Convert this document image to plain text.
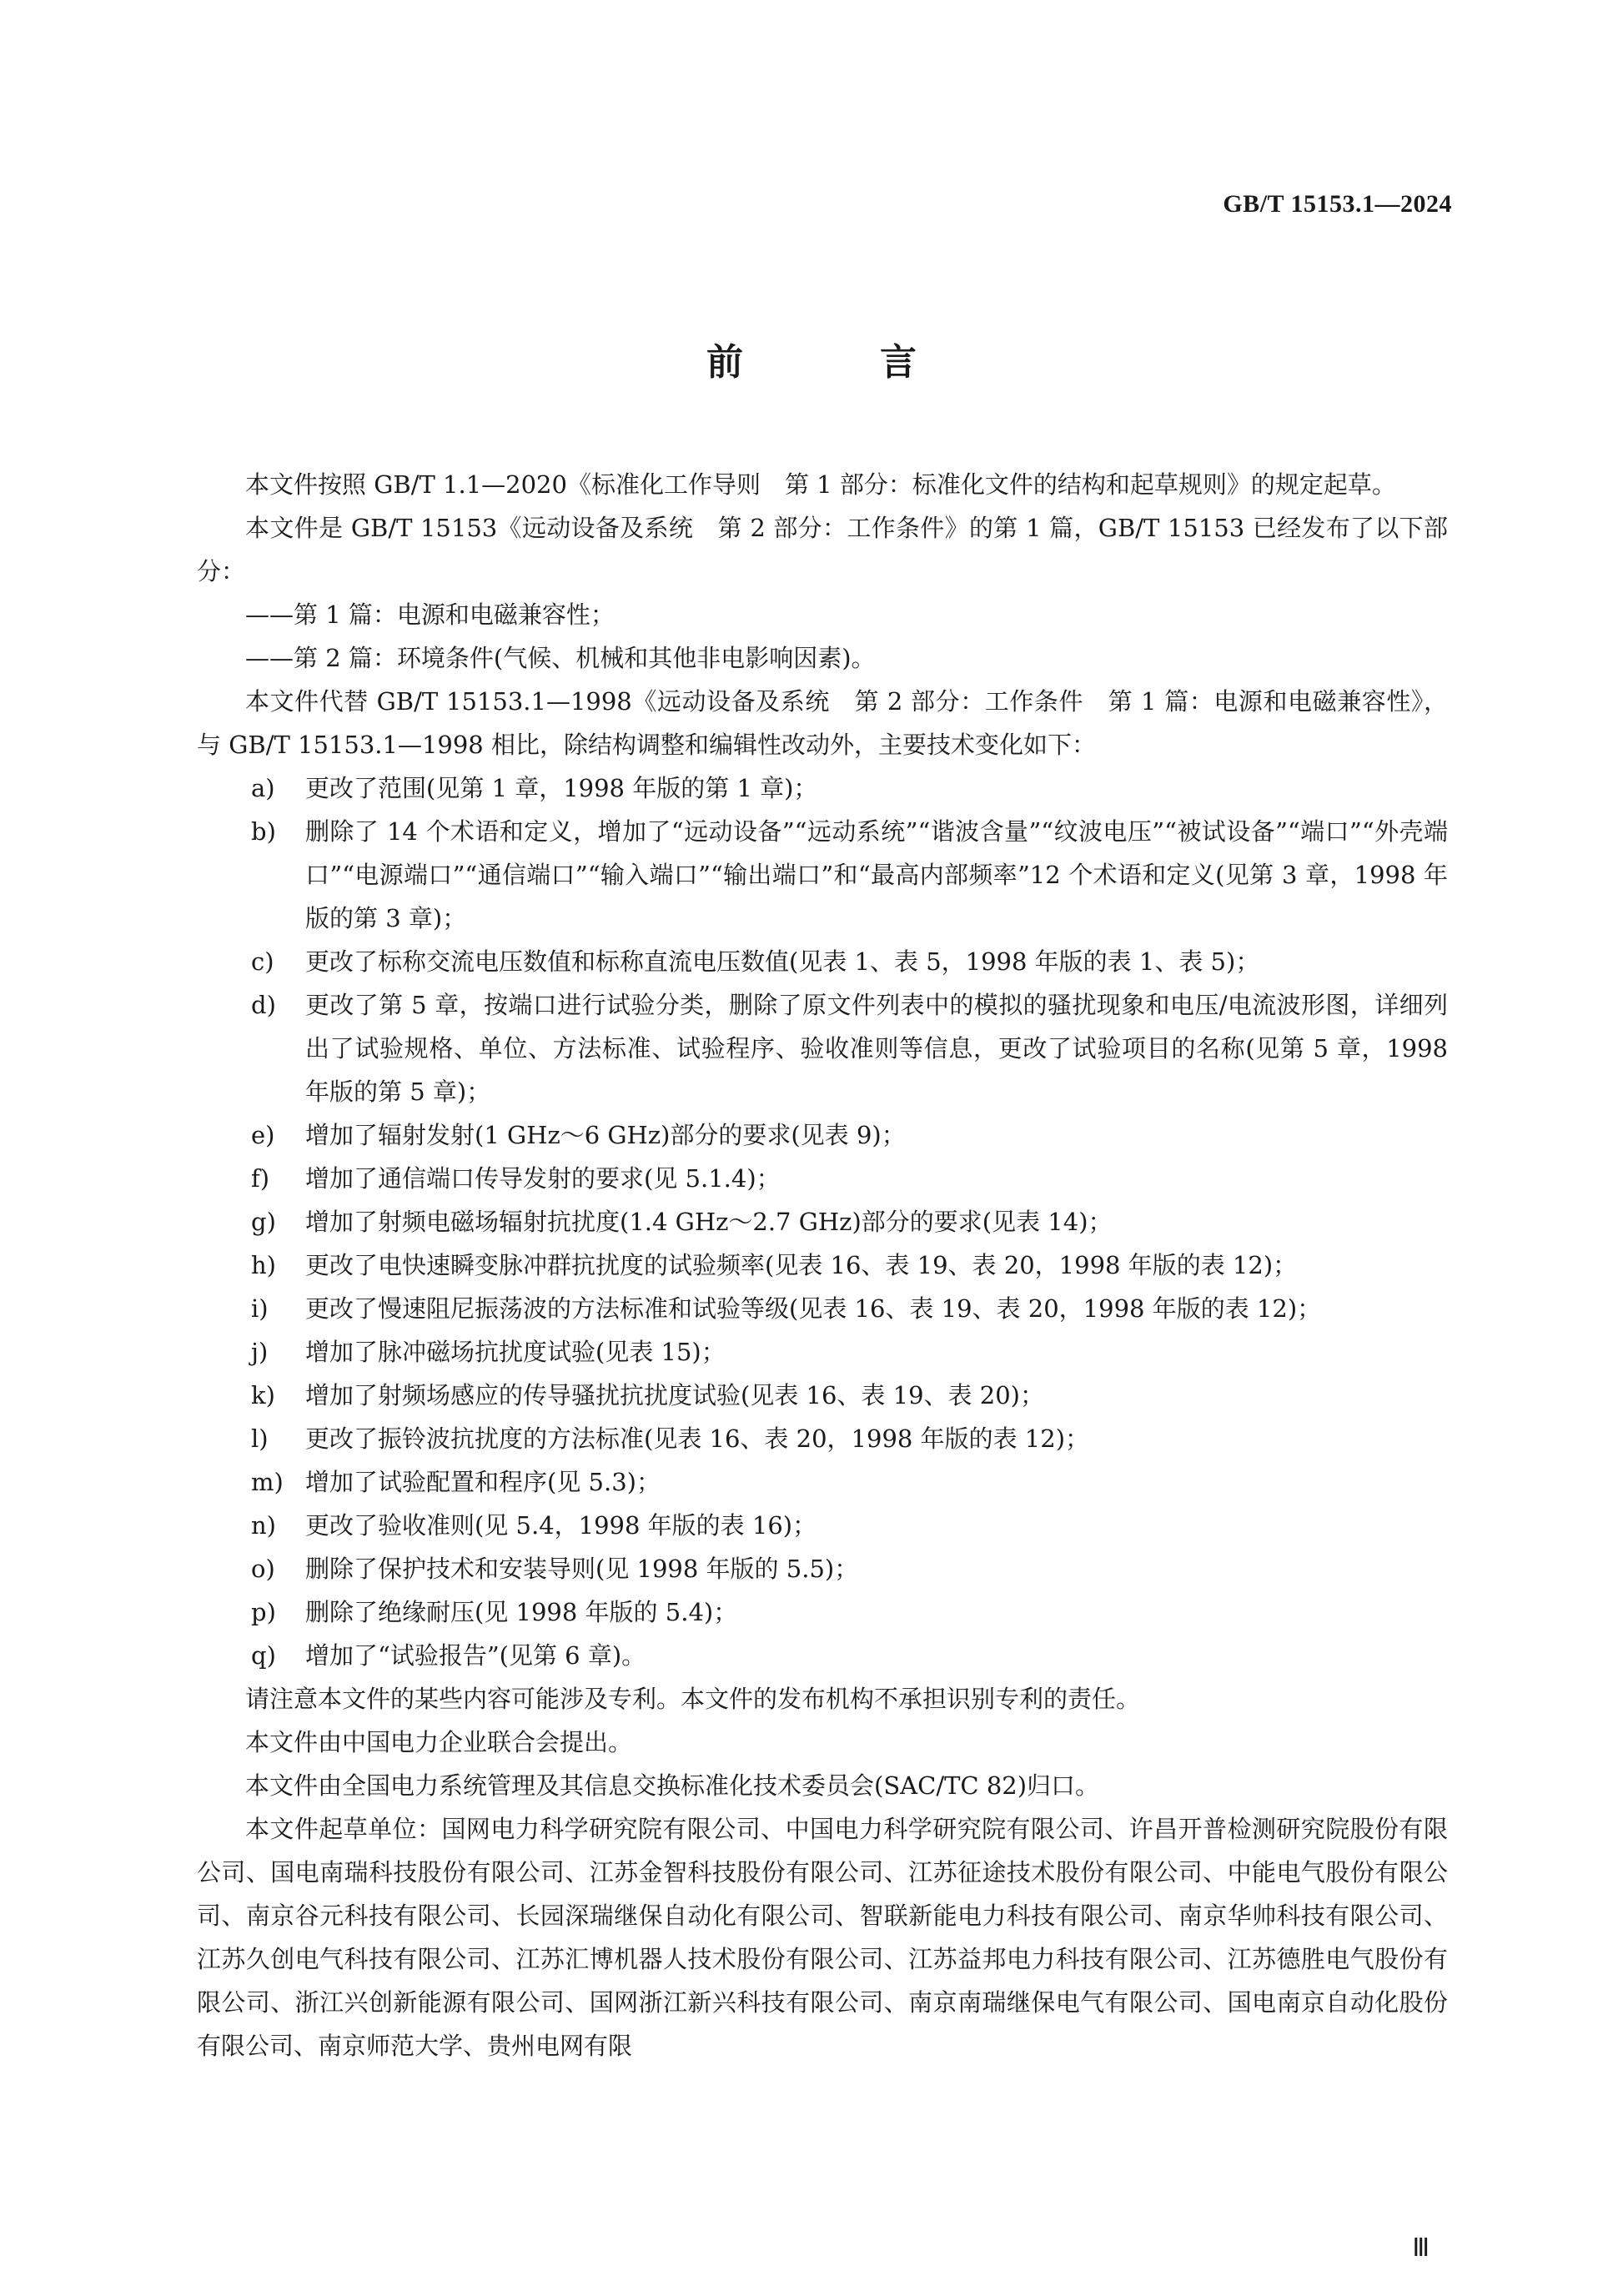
GB/T 15153.1—2024
前　言

本文件按照 GB/T 1.1—2020《标准化工作导则　第 1 部分：标准化文件的结构和起草规则》的规定起草。

本文件是 GB/T 15153《远动设备及系统　第 2 部分：工作条件》的第 1 篇，GB/T 15153 已经发布了以下部分：

——第 1 篇：电源和电磁兼容性；

——第 2 篇：环境条件(气候、机械和其他非电影响因素)。

本文件代替 GB/T 15153.1—1998《远动设备及系统　第 2 部分：工作条件　第 1 篇：电源和电磁兼容性》，与 GB/T 15153.1—1998 相比，除结构调整和编辑性改动外，主要技术变化如下：

a) 更改了范围(见第 1 章，1998 年版的第 1 章)；

b) 删除了 14 个术语和定义，增加了“远动设备”“远动系统”“谐波含量”“纹波电压”“被试设备”“端口”“外壳端口”“电源端口”“通信端口”“输入端口”“输出端口”和“最高内部频率”12 个术语和定义(见第 3 章，1998 年版的第 3 章)；

c) 更改了标称交流电压数值和标称直流电压数值(见表 1、表 5，1998 年版的表 1、表 5)；

d) 更改了第 5 章，按端口进行试验分类，删除了原文件列表中的模拟的骚扰现象和电压/电流波形图，详细列出了试验规格、单位、方法标准、试验程序、验收准则等信息，更改了试验项目的名称(见第 5 章，1998 年版的第 5 章)；

e) 增加了辐射发射(1 GHz～6 GHz)部分的要求(见表 9)；

f) 增加了通信端口传导发射的要求(见 5.1.4)；

g) 增加了射频电磁场辐射抗扰度(1.4 GHz～2.7 GHz)部分的要求(见表 14)；

h) 更改了电快速瞬变脉冲群抗扰度的试验频率(见表 16、表 19、表 20，1998 年版的表 12)；

i) 更改了慢速阻尼振荡波的方法标准和试验等级(见表 16、表 19、表 20，1998 年版的表 12)；

j) 增加了脉冲磁场抗扰度试验(见表 15)；

k) 增加了射频场感应的传导骚扰抗扰度试验(见表 16、表 19、表 20)；

l) 更改了振铃波抗扰度的方法标准(见表 16、表 20，1998 年版的表 12)；

m) 增加了试验配置和程序(见 5.3)；

n) 更改了验收准则(见 5.4，1998 年版的表 16)；

o) 删除了保护技术和安装导则(见 1998 年版的 5.5)；

p) 删除了绝缘耐压(见 1998 年版的 5.4)；

q) 增加了“试验报告”(见第 6 章)。

请注意本文件的某些内容可能涉及专利。本文件的发布机构不承担识别专利的责任。

本文件由中国电力企业联合会提出。

本文件由全国电力系统管理及其信息交换标准化技术委员会(SAC/TC 82)归口。

本文件起草单位：国网电力科学研究院有限公司、中国电力科学研究院有限公司、许昌开普检测研究院股份有限公司、国电南瑞科技股份有限公司、江苏金智科技股份有限公司、江苏征途技术股份有限公司、中能电气股份有限公司、南京谷元科技有限公司、长园深瑞继保自动化有限公司、智联新能电力科技有限公司、南京华帅科技有限公司、江苏久创电气科技有限公司、江苏汇博机器人技术股份有限公司、江苏益邦电力科技有限公司、江苏德胜电气股份有限公司、浙江兴创新能源有限公司、国网浙江新兴科技有限公司、南京南瑞继保电气有限公司、国电南京自动化股份有限公司、南京师范大学、贵州电网有限

Ⅲ
